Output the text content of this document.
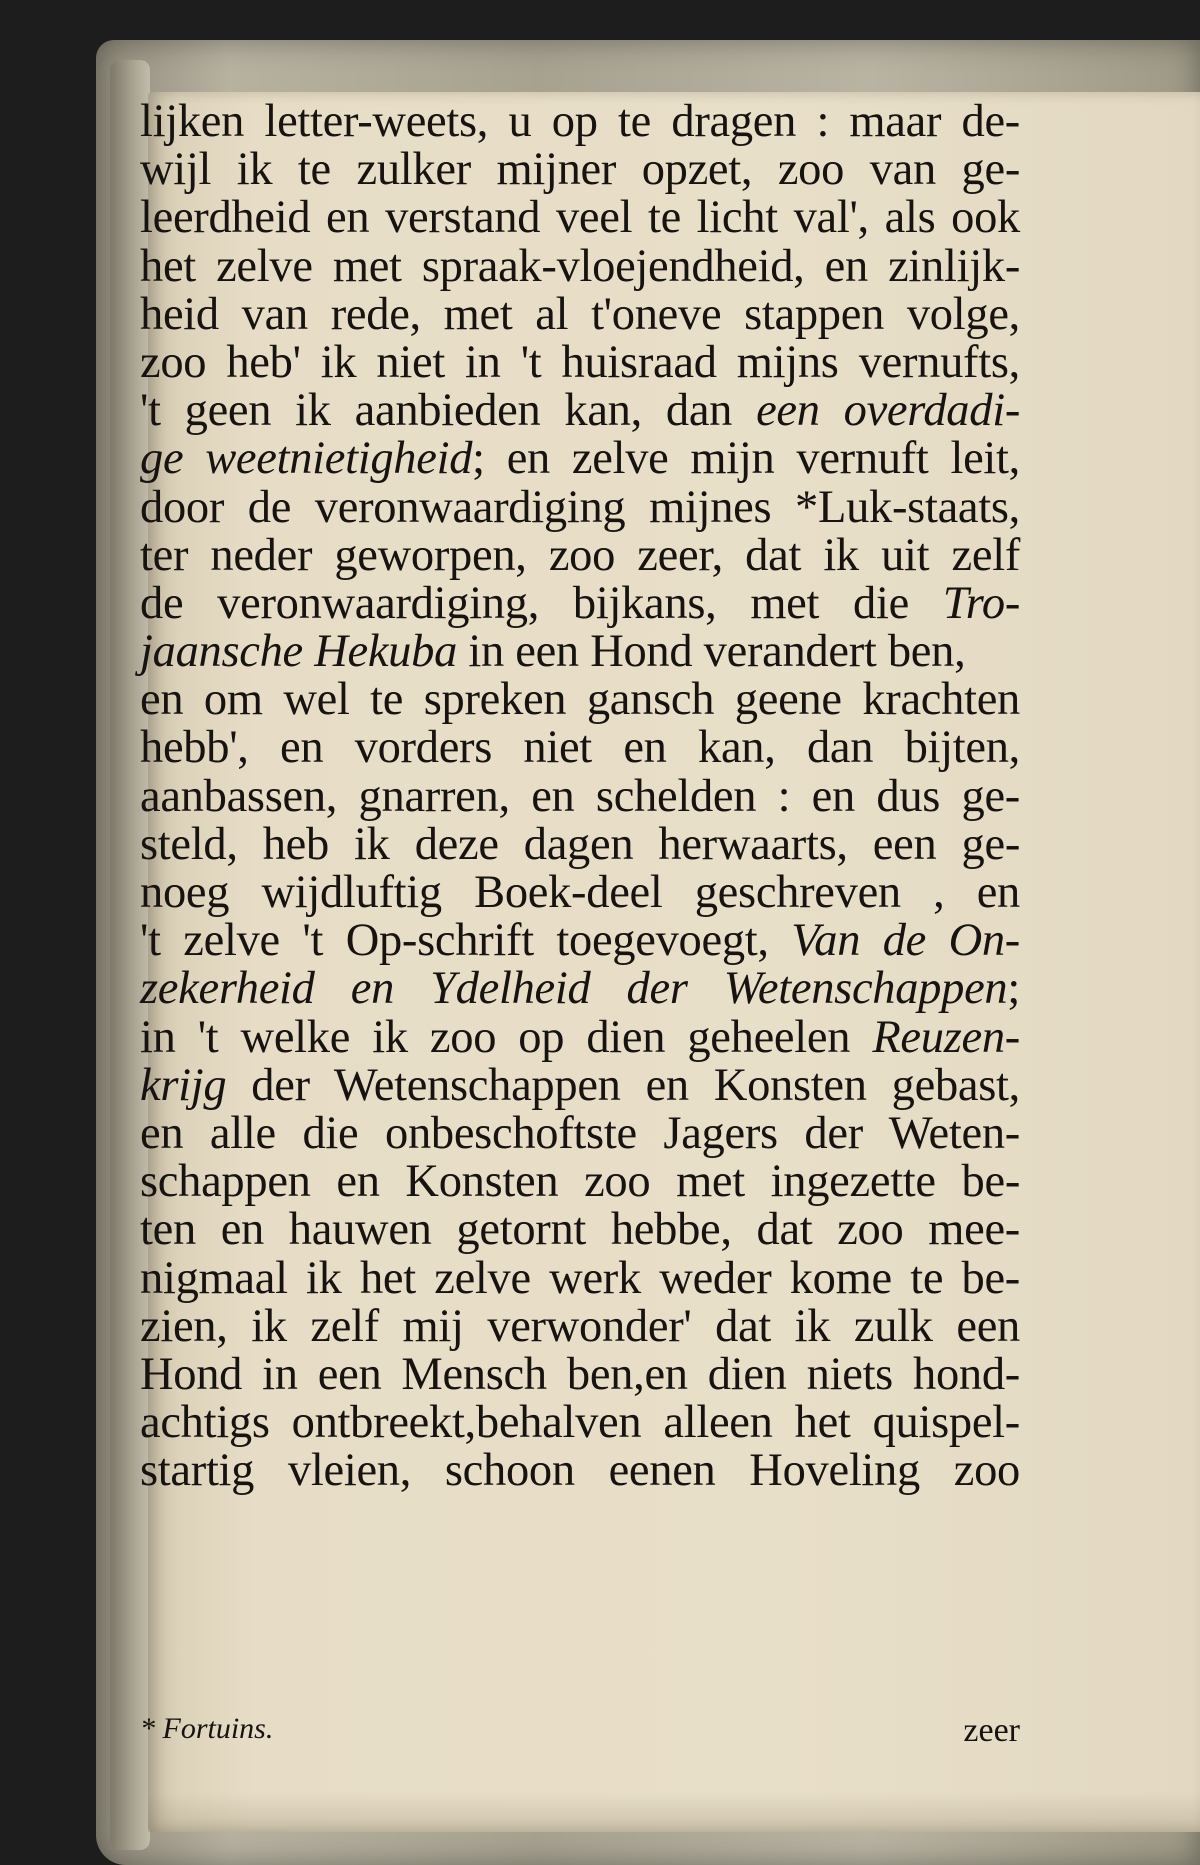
lijken letter-weets, u op te dragen : maar de-
wijl ik te zulker mijner opzet, zoo van ge-
leerdheid en verstand veel te licht val', als ook
het zelve met spraak-vloejendheid, en zinlijk-
heid van rede, met al t'oneve stappen volge,
zoo heb' ik niet in 't huisraad mijns vernufts,
't geen ik aanbieden kan, dan een overdadi-
ge weetnietigheid; en zelve mijn vernuft leit,
door de veronwaardiging mijnes *Luk-staats,
ter neder geworpen, zoo zeer, dat ik uit zelf
de veronwaardiging, bijkans, met die Tro-
jaansche Hekuba in een Hond verandert ben,
en om wel te spreken gansch geene krachten
hebb', en vorders niet en kan, dan bijten,
aanbassen, gnarren, en schelden : en dus ge-
steld, heb ik deze dagen herwaarts, een ge-
noeg wijdluftig Boek-deel geschreven , en
't zelve 't Op-schrift toegevoegt, Van de On-
zekerheid en Ydelheid der Wetenschappen;
in 't welke ik zoo op dien geheelen Reuzen-
krijg der Wetenschappen en Konsten gebast,
en alle die onbeschoftste Jagers der Weten-
schappen en Konsten zoo met ingezette be-
ten en hauwen getornt hebbe, dat zoo mee-
nigmaal ik het zelve werk weder kome te be-
zien, ik zelf mij verwonder' dat ik zulk een
Hond in een Mensch ben,en dien niets hond-
achtigs ontbreekt,behalven alleen het quispel-
startig vleien, schoon eenen Hoveling zoo
* Fortuins.	zeer
